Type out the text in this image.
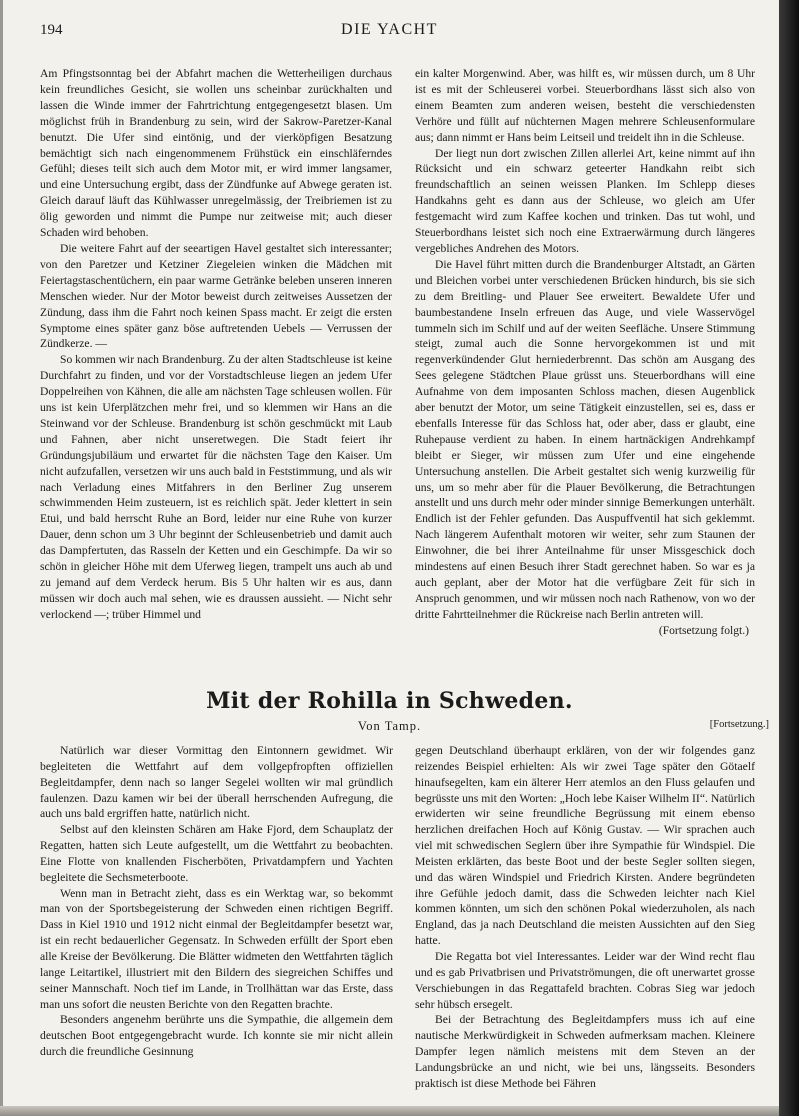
194	DIE YACHT

Am Pfingstsonntag bei der Abfahrt machen die Wetterheiligen durchaus kein freundliches Gesicht, sie wollen uns scheinbar zurückhalten und lassen die Winde immer der Fahrtrichtung entgegengesetzt blasen. Um möglichst früh in Brandenburg zu sein, wird der Sakrow-Paretzer-Kanal benutzt. Die Ufer sind eintönig, und der vierköpfigen Besatzung bemächtigt sich nach eingenommenem Frühstück ein einschläferndes Gefühl; dieses teilt sich auch dem Motor mit, er wird immer langsamer, und eine Untersuchung ergibt, dass der Zündfunke auf Abwege geraten ist. Gleich darauf läuft das Kühlwasser unregelmässig, der Treibriemen ist zu ölig geworden und nimmt die Pumpe nur zeitweise mit; auch dieser Schaden wird behoben.

Die weitere Fahrt auf der seeartigen Havel gestaltet sich interessanter; von den Paretzer und Ketziner Ziegeleien winken die Mädchen mit Feiertagstaschentüchern, ein paar warme Getränke beleben unseren inneren Menschen wieder. Nur der Motor beweist durch zeitweises Aussetzen der Zündung, dass ihm die Fahrt noch keinen Spass macht. Er zeigt die ersten Symptome eines später ganz böse auftretenden Uebels — Verrussen der Zündkerze. —

So kommen wir nach Brandenburg. Zu der alten Stadtschleuse ist keine Durchfahrt zu finden, und vor der Vorstadtschleuse liegen an jedem Ufer Doppelreihen von Kähnen, die alle am nächsten Tage schleusen wollen. Für uns ist kein Uferplätzchen mehr frei, und so klemmen wir Hans an die Steinwand vor der Schleuse. Brandenburg ist schön geschmückt mit Laub und Fahnen, aber nicht unseretwegen. Die Stadt feiert ihr Gründungsjubiläum und erwartet für die nächsten Tage den Kaiser. Um nicht aufzufallen, versetzen wir uns auch bald in Feststimmung, und als wir nach Verladung eines Mitfahrers in den Berliner Zug unserem schwimmenden Heim zusteuern, ist es reichlich spät. Jeder klettert in sein Etui, und bald herrscht Ruhe an Bord, leider nur eine Ruhe von kurzer Dauer, denn schon um 3 Uhr beginnt der Schleusenbetrieb und damit auch das Dampfertuten, das Rasseln der Ketten und ein Geschimpfe. Da wir so schön in gleicher Höhe mit dem Uferweg liegen, trampelt uns auch ab und zu jemand auf dem Verdeck herum. Bis 5 Uhr halten wir es aus, dann müssen wir doch auch mal sehen, wie es draussen aussieht. — Nicht sehr verlockend —; trüber Himmel und

ein kalter Morgenwind. Aber, was hilft es, wir müssen durch, um 8 Uhr ist es mit der Schleuserei vorbei. Steuerbordhans lässt sich also von einem Beamten zum anderen weisen, besteht die verschiedensten Verhöre und füllt auf nüchternen Magen mehrere Schleusenformulare aus; dann nimmt er Hans beim Leitseil und treidelt ihn in die Schleuse.

Der liegt nun dort zwischen Zillen allerlei Art, keine nimmt auf ihn Rücksicht und ein schwarz geteerter Handkahn reibt sich freundschaftlich an seinen weissen Planken. Im Schlepp dieses Handkahns geht es dann aus der Schleuse, wo gleich am Ufer festgemacht wird zum Kaffee kochen und trinken. Das tut wohl, und Steuerbordhans leistet sich noch eine Extraerwärmung durch längeres vergebliches Andrehen des Motors.

Die Havel führt mitten durch die Brandenburger Altstadt, an Gärten und Bleichen vorbei unter verschiedenen Brücken hindurch, bis sie sich zu dem Breitling- und Plauer See erweitert. Bewaldete Ufer und baumbestandene Inseln erfreuen das Auge, und viele Wasservögel tummeln sich im Schilf und auf der weiten Seefläche. Unsere Stimmung steigt, zumal auch die Sonne hervorgekommen ist und mit regenverkündender Glut herniederbrennt. Das schön am Ausgang des Sees gelegene Städtchen Plaue grüsst uns. Steuerbordhans will eine Aufnahme von dem imposanten Schloss machen, diesen Augenblick aber benutzt der Motor, um seine Tätigkeit einzustellen, sei es, dass er ebenfalls Interesse für das Schloss hat, oder aber, dass er glaubt, eine Ruhepause verdient zu haben. In einem hartnäckigen Andrehkampf bleibt er Sieger, wir müssen zum Ufer und eine eingehende Untersuchung anstellen. Die Arbeit gestaltet sich wenig kurzweilig für uns, um so mehr aber für die Plauer Bevölkerung, die Betrachtungen anstellt und uns durch mehr oder minder sinnige Bemerkungen unterhält. Endlich ist der Fehler gefunden. Das Auspuffventil hat sich geklemmt. Nach längerem Aufenthalt motoren wir weiter, sehr zum Staunen der Einwohner, die bei ihrer Anteilnahme für unser Missgeschick doch mindestens auf einen Besuch ihrer Stadt gerechnet haben. So war es ja auch geplant, aber der Motor hat die verfügbare Zeit für sich in Anspruch genommen, und wir müssen noch nach Rathenow, von wo der dritte Fahrtteilnehmer die Rückreise nach Berlin antreten will.

(Fortsetzung folgt.)
Mit der Rohilla in Schweden.
Von Tamp.	[Fortsetzung.]

Natürlich war dieser Vormittag den Eintonnern gewidmet. Wir begleiteten die Wettfahrt auf dem vollgepfropften offiziellen Begleitdampfer, denn nach so langer Segelei wollten wir mal gründlich faulenzen. Dazu kamen wir bei der überall herrschenden Aufregung, die auch uns bald ergriffen hatte, natürlich nicht.

Selbst auf den kleinsten Schären am Hake Fjord, dem Schauplatz der Regatten, hatten sich Leute aufgestellt, um die Wettfahrt zu beobachten. Eine Flotte von knallenden Fischerböten, Privatdampfern und Yachten begleitete die Sechsmeterboote.

Wenn man in Betracht zieht, dass es ein Werktag war, so bekommt man von der Sportsbegeisterung der Schweden einen richtigen Begriff. Dass in Kiel 1910 und 1912 nicht einmal der Begleitdampfer besetzt war, ist ein recht bedauerlicher Gegensatz. In Schweden erfüllt der Sport eben alle Kreise der Bevölkerung. Die Blätter widmeten den Wettfahrten täglich lange Leitartikel, illustriert mit den Bildern des siegreichen Schiffes und seiner Mannschaft. Noch tief im Lande, in Trollhättan war das Erste, dass man uns sofort die neusten Berichte von den Regatten brachte.

Besonders angenehm berührte uns die Sympathie, die allgemein dem deutschen Boot entgegengebracht wurde. Ich konnte sie mir nicht allein durch die freundliche Gesinnung

gegen Deutschland überhaupt erklären, von der wir folgendes ganz reizendes Beispiel erhielten: Als wir zwei Tage später den Götaelf hinaufsegelten, kam ein älterer Herr atemlos an den Fluss gelaufen und begrüsste uns mit den Worten: „Hoch lebe Kaiser Wilhelm II“. Natürlich erwiderten wir seine freundliche Begrüssung mit einem ebenso herzlichen dreifachen Hoch auf König Gustav. — Wir sprachen auch viel mit schwedischen Seglern über ihre Sympathie für Windspiel. Die Meisten erklärten, das beste Boot und der beste Segler sollten siegen, und das wären Windspiel und Friedrich Kirsten. Andere begründeten ihre Gefühle jedoch damit, dass die Schweden leichter nach Kiel kommen könnten, um sich den schönen Pokal wiederzuholen, als nach England, das ja nach Deutschland die meisten Aussichten auf den Sieg hatte.

Die Regatta bot viel Interessantes. Leider war der Wind recht flau und es gab Privatbrisen und Privatströmungen, die oft unerwartet grosse Verschiebungen in das Regattafeld brachten. Cobras Sieg war jedoch sehr hübsch ersegelt.

Bei der Betrachtung des Begleitdampfers muss ich auf eine nautische Merkwürdigkeit in Schweden aufmerksam machen. Kleinere Dampfer legen nämlich meistens mit dem Steven an der Landungsbrücke an und nicht, wie bei uns, längsseits. Besonders praktisch ist diese Methode bei Fähren
